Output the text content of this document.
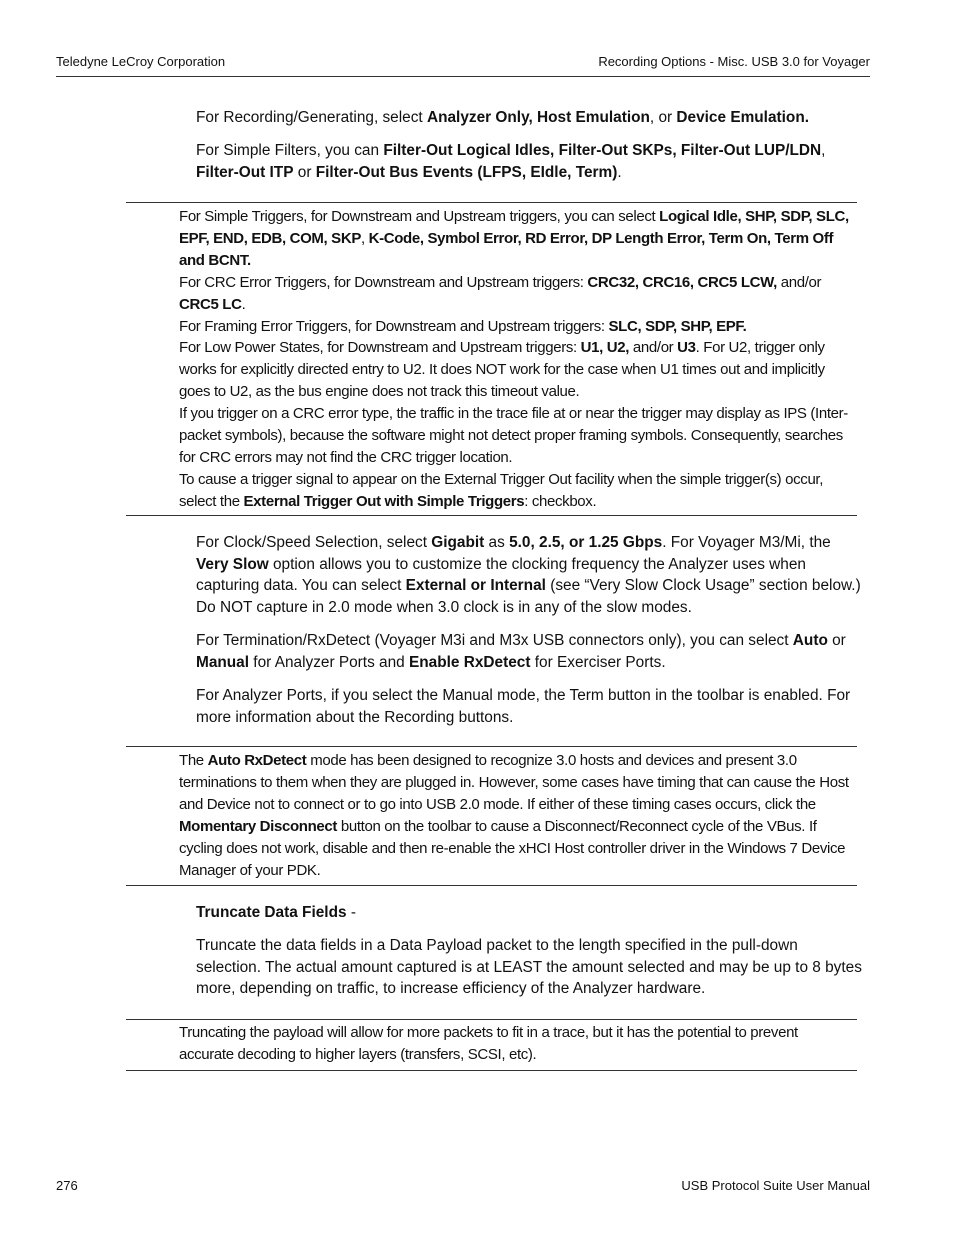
Teledyne LeCroy Corporation	Recording Options - Misc. USB 3.0 for Voyager

For Recording/Generating, select Analyzer Only, Host Emulation, or Device Emulation.

For Simple Filters, you can Filter-Out Logical Idles, Filter-Out SKPs, Filter-Out LUP/LDN, Filter-Out ITP or Filter-Out Bus Events (LFPS, EIdle, Term).

For Simple Triggers, for Downstream and Upstream triggers, you can select Logical Idle, SHP, SDP, SLC, EPF, END, EDB, COM, SKP, K-Code, Symbol Error, RD Error, DP Length Error, Term On, Term Off and BCNT.

For CRC Error Triggers, for Downstream and Upstream triggers: CRC32, CRC16, CRC5 LCW, and/or CRC5 LC.

For Framing Error Triggers, for Downstream and Upstream triggers: SLC, SDP, SHP, EPF.

For Low Power States, for Downstream and Upstream triggers: U1, U2, and/or U3. For U2, trigger only works for explicitly directed entry to U2. It does NOT work for the case when U1 times out and implicitly goes to U2, as the bus engine does not track this timeout value.

If you trigger on a CRC error type, the traffic in the trace file at or near the trigger may display as IPS (Inter-packet symbols), because the software might not detect proper framing symbols. Consequently, searches for CRC errors may not find the CRC trigger location.

To cause a trigger signal to appear on the External Trigger Out facility when the simple trigger(s) occur, select the External Trigger Out with Simple Triggers: checkbox.

For Clock/Speed Selection, select Gigabit as 5.0, 2.5, or 1.25 Gbps. For Voyager M3/Mi, the Very Slow option allows you to customize the clocking frequency the Analyzer uses when capturing data. You can select External or Internal (see “Very Slow Clock Usage” section below.) Do NOT capture in 2.0 mode when 3.0 clock is in any of the slow modes.

For Termination/RxDetect (Voyager M3i and M3x USB connectors only), you can select Auto or Manual for Analyzer Ports and Enable RxDetect for Exerciser Ports.

For Analyzer Ports, if you select the Manual mode, the Term button in the toolbar is enabled. For more information about the Recording buttons.

The Auto RxDetect mode has been designed to recognize 3.0 hosts and devices and present 3.0 terminations to them when they are plugged in. However, some cases have timing that can cause the Host and Device not to connect or to go into USB 2.0 mode. If either of these timing cases occurs, click the Momentary Disconnect button on the toolbar to cause a Disconnect/Reconnect cycle of the VBus. If cycling does not work, disable and then re-enable the xHCI Host controller driver in the Windows 7 Device Manager of your PDK.

Truncate Data Fields -

Truncate the data fields in a Data Payload packet to the length specified in the pull-down selection. The actual amount captured is at LEAST the amount selected and may be up to 8 bytes more, depending on traffic, to increase efficiency of the Analyzer hardware.

Truncating the payload will allow for more packets to fit in a trace, but it has the potential to prevent accurate decoding to higher layers (transfers, SCSI, etc).

276	USB Protocol Suite User Manual
